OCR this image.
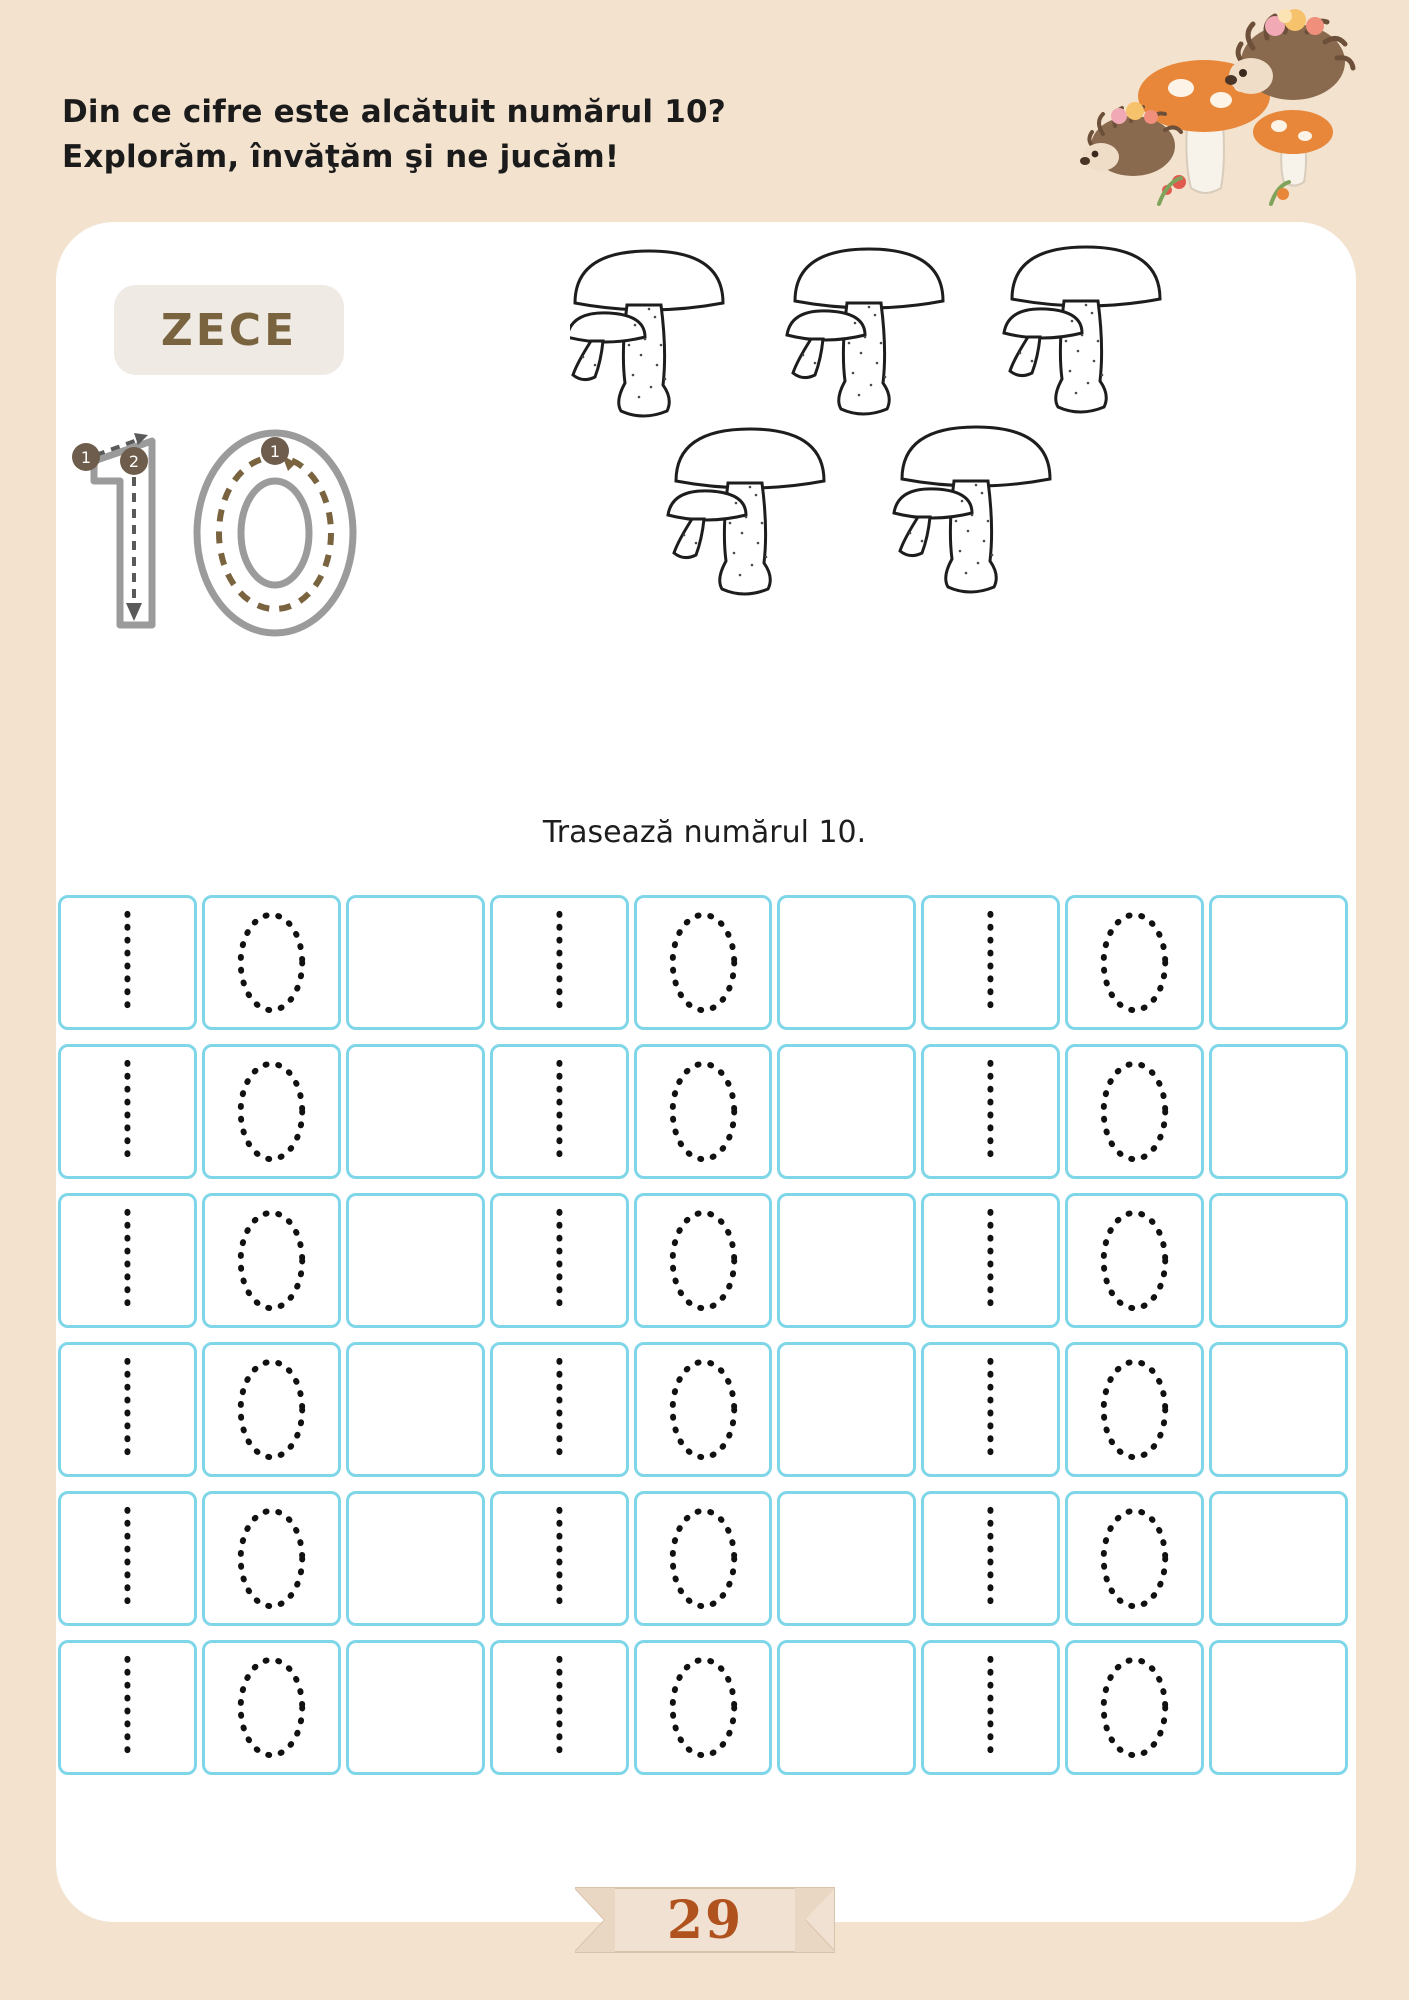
Din ce cifre este alcătuit numărul 10?
Explorăm, învăţăm şi ne jucăm!
ZECE
1 2
1
Trasează numărul 10.
29
